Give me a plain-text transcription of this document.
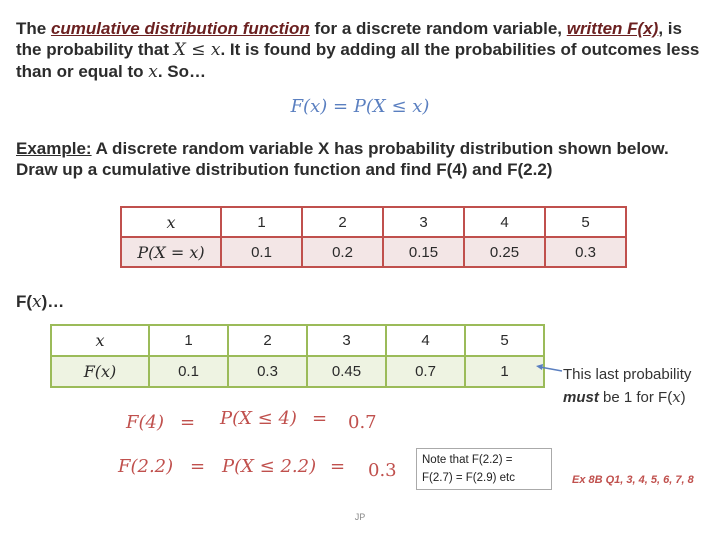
The cumulative distribution function for a discrete random variable, written F(x), is the probability that X ≤ x. It is found by adding all the probabilities of outcomes less than or equal to x. So…
F(x) = P(X ≤ x)
Example: A discrete random variable X has probability distribution shown below. Draw up a cumulative distribution function and find F(4) and F(2.2)
x	1	2	3	4	5
P(X = x)	0.1	0.2	0.15	0.25	0.3
F(x)…
x	1	2	3	4	5
F(x)	0.1	0.3	0.45	0.7	1	This last probability
must be 1 for F(x)
F(4) = P(X ≤ 4) = 0.7
F(2.2) = P(X ≤ 2.2) = 0.3	Note that F(2.2) = F(2.7) = F(2.9) etc	Ex 8B Q1, 3, 4, 5, 6, 7, 8
JP
